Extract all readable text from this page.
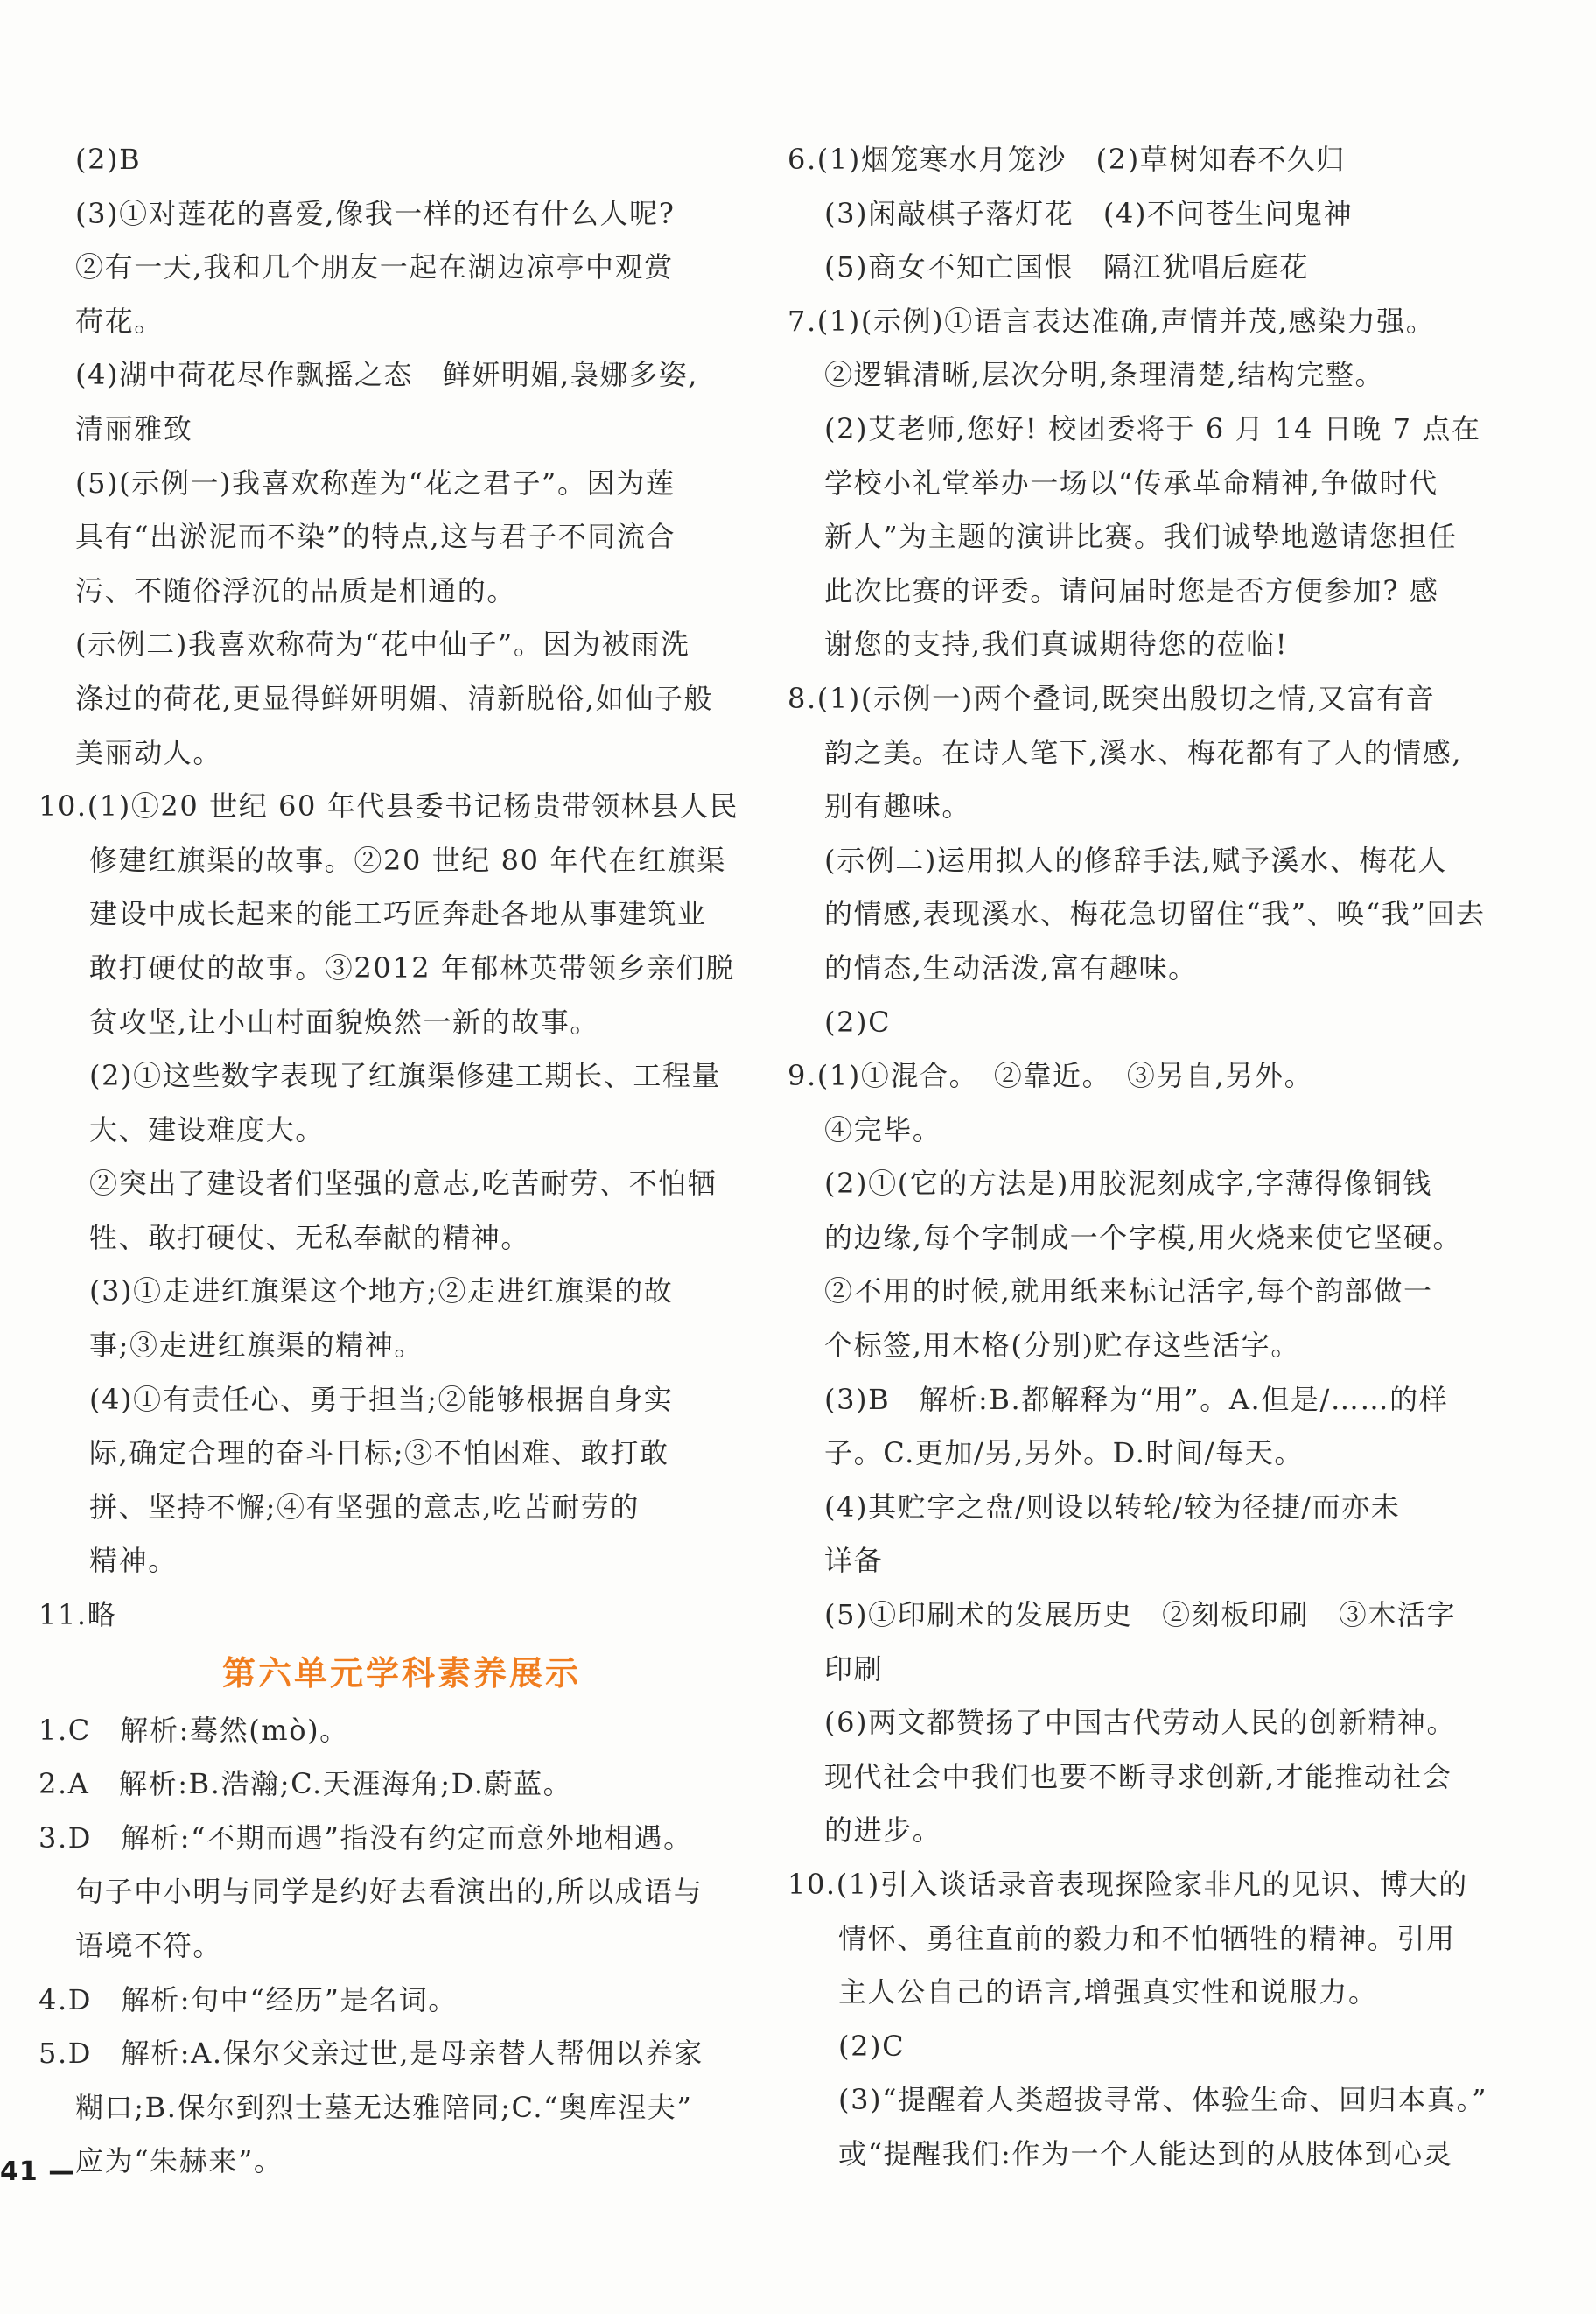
(2)B
(3)①对莲花的喜爱,像我一样的还有什么人呢?
②有一天,我和几个朋友一起在湖边凉亭中观赏
荷花。
(4)湖中荷花尽作飘摇之态　鲜妍明媚,袅娜多姿,
清丽雅致
(5)(示例一)我喜欢称莲为“花之君子”。因为莲
具有“出淤泥而不染”的特点,这与君子不同流合
污、不随俗浮沉的品质是相通的。
(示例二)我喜欢称荷为“花中仙子”。因为被雨洗
涤过的荷花,更显得鲜妍明媚、清新脱俗,如仙子般
美丽动人。
10.(1)①20 世纪 60 年代县委书记杨贵带领林县人民
修建红旗渠的故事。②20 世纪 80 年代在红旗渠
建设中成长起来的能工巧匠奔赴各地从事建筑业
敢打硬仗的故事。③2012 年郁林英带领乡亲们脱
贫攻坚,让小山村面貌焕然一新的故事。
(2)①这些数字表现了红旗渠修建工期长、工程量
大、建设难度大。
②突出了建设者们坚强的意志,吃苦耐劳、不怕牺
牲、敢打硬仗、无私奉献的精神。
(3)①走进红旗渠这个地方;②走进红旗渠的故
事;③走进红旗渠的精神。
(4)①有责任心、勇于担当;②能够根据自身实
际,确定合理的奋斗目标;③不怕困难、敢打敢
拼、坚持不懈;④有坚强的意志,吃苦耐劳的
精神。
11.略
第六单元学科素养展示
1.C　解析:蓦然(mò)。
2.A　解析:B.浩瀚;C.天涯海角;D.蔚蓝。
3.D　解析:“不期而遇”指没有约定而意外地相遇。
句子中小明与同学是约好去看演出的,所以成语与
语境不符。
4.D　解析:句中“经历”是名词。
5.D　解析:A.保尔父亲过世,是母亲替人帮佣以养家
糊口;B.保尔到烈士墓无达雅陪同;C.“奥库涅夫”
应为“朱赫来”。
6.(1)烟笼寒水月笼沙　(2)草树知春不久归
(3)闲敲棋子落灯花　(4)不问苍生问鬼神
(5)商女不知亡国恨　隔江犹唱后庭花
7.(1)(示例)①语言表达准确,声情并茂,感染力强。
②逻辑清晰,层次分明,条理清楚,结构完整。
(2)艾老师,您好! 校团委将于 6 月 14 日晚 7 点在
学校小礼堂举办一场以“传承革命精神,争做时代
新人”为主题的演讲比赛。我们诚挚地邀请您担任
此次比赛的评委。请问届时您是否方便参加? 感
谢您的支持,我们真诚期待您的莅临!
8.(1)(示例一)两个叠词,既突出殷切之情,又富有音
韵之美。在诗人笔下,溪水、梅花都有了人的情感,
别有趣味。
(示例二)运用拟人的修辞手法,赋予溪水、梅花人
的情感,表现溪水、梅花急切留住“我”、唤“我”回去
的情态,生动活泼,富有趣味。
(2)C
9.(1)①混合。　②靠近。　③另自,另外。
④完毕。
(2)①(它的方法是)用胶泥刻成字,字薄得像铜钱
的边缘,每个字制成一个字模,用火烧来使它坚硬。
②不用的时候,就用纸来标记活字,每个韵部做一
个标签,用木格(分别)贮存这些活字。
(3)B　解析:B.都解释为“用”。A.但是/……的样
子。C.更加/另,另外。D.时间/每天。
(4)其贮字之盘/则设以转轮/较为径捷/而亦未
详备
(5)①印刷术的发展历史　②刻板印刷　③木活字
印刷
(6)两文都赞扬了中国古代劳动人民的创新精神。
现代社会中我们也要不断寻求创新,才能推动社会
的进步。
10.(1)引入谈话录音表现探险家非凡的见识、博大的
情怀、勇往直前的毅力和不怕牺牲的精神。引用
主人公自己的语言,增强真实性和说服力。
(2)C
(3)“提醒着人类超拔寻常、体验生命、回归本真。”
或“提醒我们:作为一个人能达到的从肢体到心灵
41 —
